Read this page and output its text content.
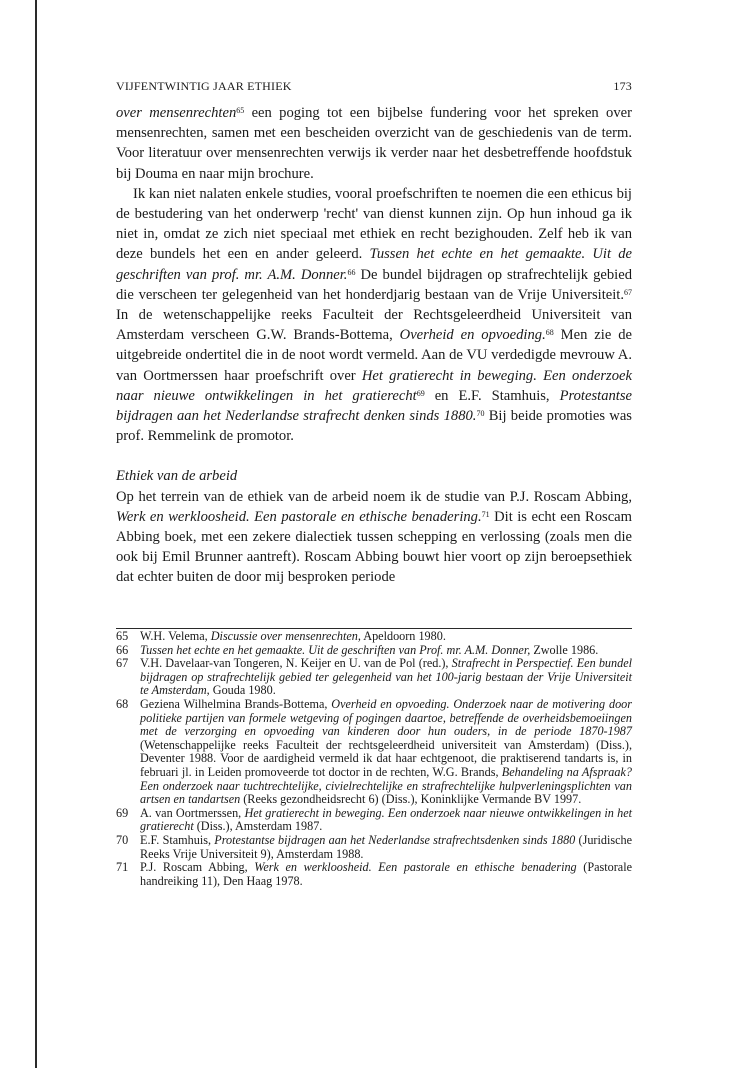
VIJFENTWINTIG JAAR ETHIEK	173

over mensenrechten$^{65}$ een poging tot een bijbelse fundering voor het spreken over mensenrechten, samen met een bescheiden overzicht van de geschiedenis van de term. Voor literatuur over mensenrechten verwijs ik verder naar het desbetreffende hoofdstuk bij Douma en naar mijn brochure.

Ik kan niet nalaten enkele studies, vooral proefschriften te noemen die een ethicus bij de bestudering van het onderwerp 'recht' van dienst kunnen zijn. Op hun inhoud ga ik niet in, omdat ze zich niet speciaal met ethiek en recht bezighouden. Zelf heb ik van deze bundels het een en ander geleerd. Tussen het echte en het gemaakte. Uit de geschriften van prof. mr. A.M. Donner.$^{66}$ De bundel bijdragen op strafrechtelijk gebied die verscheen ter gelegenheid van het honderdjarig bestaan van de Vrije Universiteit.$^{67}$ In de wetenschappelijke reeks Faculteit der Rechtsgeleerdheid Universiteit van Amsterdam verscheen G.W. Brands-Bottema, Overheid en opvoeding.$^{68}$ Men zie de uitgebreide ondertitel die in de noot wordt vermeld. Aan de VU verdedigde mevrouw A. van Oortmerssen haar proefschrift over Het gratierecht in beweging. Een onderzoek naar nieuwe ontwikkelingen in het gratierecht$^{69}$ en E.F. Stamhuis, Protestantse bijdragen aan het Nederlandse strafrecht denken sinds 1880.70 Bij beide promoties was prof. Remmelink de promotor.

Ethiek van de arbeid

Op het terrein van de ethiek van de arbeid noem ik de studie van P.J. Roscam Abbing, Werk en werkloosheid. Een pastorale en ethische benadering.$^{71}$ Dit is echt een Roscam Abbing boek, met een zekere dialectiek tussen schepping en verlossing (zoals men die ook bij Emil Brunner aantreft). Roscam Abbing bouwt hier voort op zijn beroepsethiek dat echter buiten de door mij besproken periode

65 W.H. Velema, Discussie over mensenrechten, Apeldoorn 1980.
66 Tussen het echte en het gemaakte. Uit de geschriften van Prof. mr. A.M. Donner, Zwolle 1986.
67 V.H. Davelaar-van Tongeren, N. Keijer en U. van de Pol (red.), Strafrecht in Perspectief. Een bundel bijdragen op strafrechtelijk gebied ter gelegenheid van het 100-jarig bestaan der Vrije Universiteit te Amsterdam, Gouda 1980.
68 Geziena Wilhelmina Brands-Bottema, Overheid en opvoeding. Onderzoek naar de motivering door politieke partijen van formele wetgeving of pogingen daartoe, betreffende de overheidsbemoeiingen met de verzorging en opvoeding van kinderen door hun ouders, in de periode 1870-1987 (Wetenschappelijke reeks Faculteit der rechtsgeleerdheid universiteit van Amsterdam) (Diss.), Deventer 1988. Voor de aardigheid vermeld ik dat haar echtgenoot, die praktiserend tandarts is, in februari jl. in Leiden promoveerde tot doctor in de rechten, W.G. Brands, Behandeling na Afspraak? Een onderzoek naar tuchtrechtelijke, civielrechtelijke en strafrechtelijke hulpverleningsplichten van artsen en tandartsen (Reeks gezondheidsrecht 6) (Diss.), Koninklijke Vermande BV 1997.
69 A. van Oortmerssen, Het gratierecht in beweging. Een onderzoek naar nieuwe ontwikkelingen in het gratierecht (Diss.), Amsterdam 1987.
70 E.F. Stamhuis, Protestantse bijdragen aan het Nederlandse strafrechtsdenken sinds 1880 (Juridische Reeks Vrije Universiteit 9), Amsterdam 1988.
71 P.J. Roscam Abbing, Werk en werkloosheid. Een pastorale en ethische benadering (Pastorale handreiking 11), Den Haag 1978.
